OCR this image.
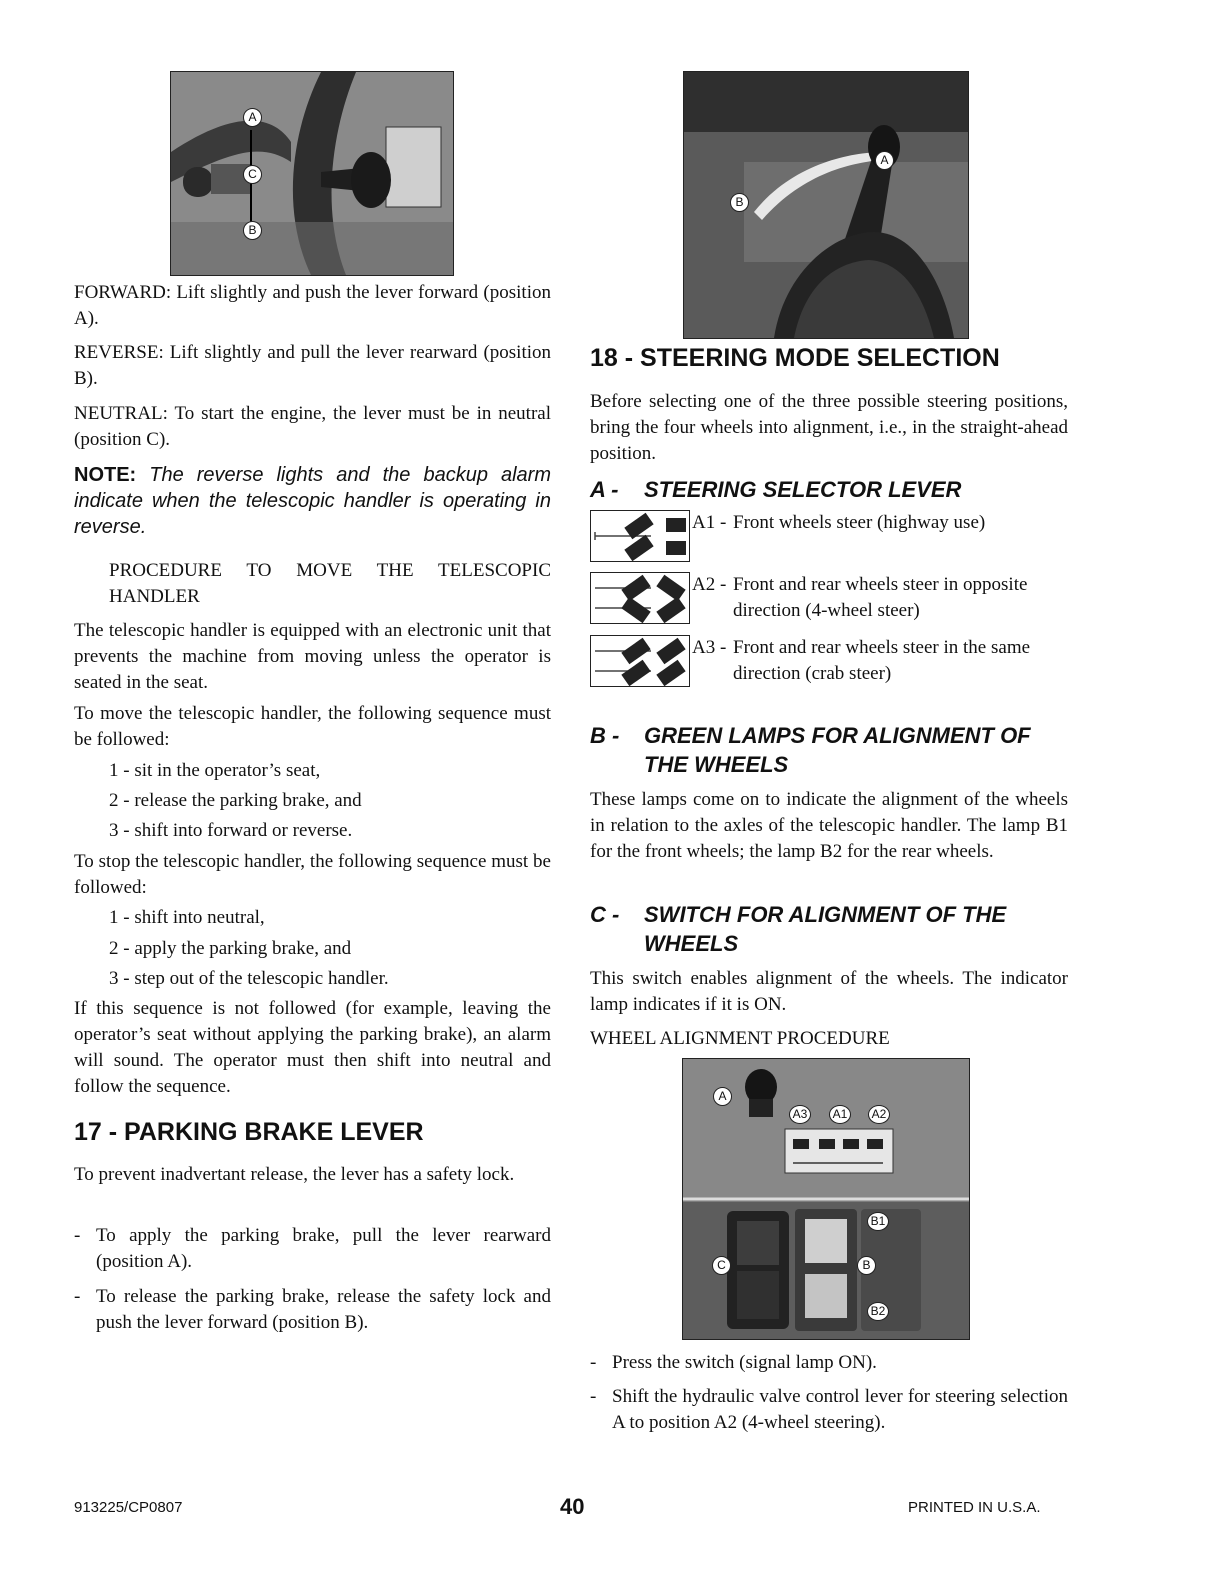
A
C
B

FORWARD: Lift slightly and push the lever forward (position A).

REVERSE: Lift slightly and pull the lever rearward (position B).

NEUTRAL: To start the engine, the lever must be in neutral (position C).

NOTE: The reverse lights and the backup alarm indicate when the telescopic handler is operating in reverse.

PROCEDURE TO MOVE THE TELESCOPIC HANDLER

The telescopic handler is equipped with an electronic unit that prevents the machine from moving unless the operator is seated in the seat.

To move the telescopic handler, the following sequence must be followed:

1 - sit in the operator’s seat,

2 - release the parking brake, and

3 - shift into forward or reverse.

To stop the telescopic handler, the following sequence must be followed:

1 - shift into neutral,

2 - apply the parking brake, and

3 - step out of the telescopic handler.

If this sequence is not followed (for example, leaving the operator’s seat without applying the parking brake), an alarm will sound. The operator must then shift into neutral and follow the sequence.

17 - PARKING BRAKE LEVER

To prevent inadvertant release, the lever has a safety lock.

- To apply the parking brake, pull the lever rearward (position A).

- To release the parking brake, release the safety lock and push the lever forward (position B).

A
B
18 - STEERING MODE SELECTION

Before selecting one of the three possible steering positions, bring the four wheels into alignment, i.e., in the straight-ahead position.

A - STEERING SELECTOR LEVER
A1 - Front wheels steer (highway use)
A2 - Front and rear wheels steer in opposite direction (4-wheel steer)
A3 - Front and rear wheels steer in the same direction (crab steer)
B -	GREEN LAMPS FOR ALIGNMENT OF THE WHEELS

These lamps come on to indicate the alignment of the wheels in relation to the axles of the telescopic handler. The lamp B1 for the front wheels; the lamp B2 for the rear wheels.

C -	SWITCH FOR ALIGNMENT OF THE WHEELS

This switch enables alignment of the wheels. The indicator lamp indicates if it is ON.

WHEEL ALIGNMENT PROCEDURE

A
A3	A1	A2
B1
C	B
B2

- Press the switch (signal lamp ON).

- Shift the hydraulic valve control lever for steering selection A to position A2 (4-wheel steering).

913225/CP0807	40	PRINTED IN U.S.A.
